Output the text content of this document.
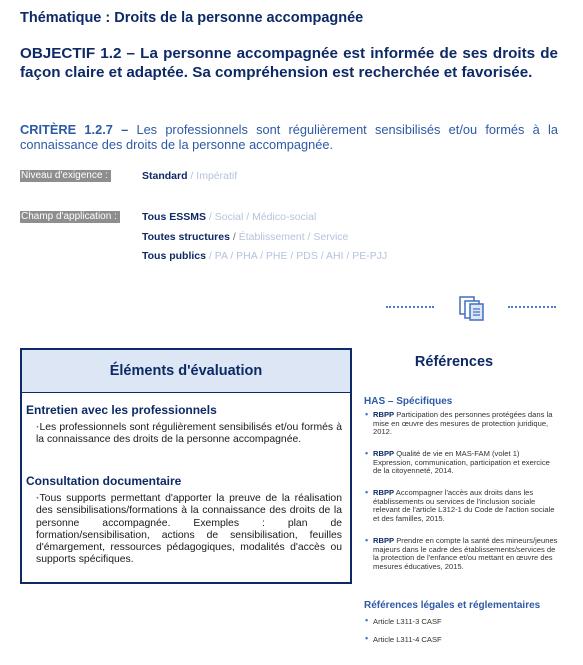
Thématique : Droits de la personne accompagnée
OBJECTIF 1.2 – La personne accompagnée est informée de ses droits de façon claire et adaptée. Sa compréhension est recherchée et favorisée.
CRITÈRE 1.2.7 – Les professionnels sont régulièrement sensibilisés et/ou formés à la connaissance des droits de la personne accompagnée.
Niveau d'exigence :	Standard / Impératif
Champ d'application : Tous ESSMS / Social / Médico-social
Toutes structures / Établissement / Service
Tous publics / PA / PHA / PHE / PDS / AHI / PE-PJJ
Éléments d'évaluation
Entretien avec les professionnels
· Les professionnels sont régulièrement sensibilisés et/ou formés à la connaissance des droits de la personne accompagnée.
Consultation documentaire
· Tous supports permettant d'apporter la preuve de la réalisation des sensibilisations/formations à la connaissance des droits de la personne accompagnée. Exemples : plan de formation/sensibilisation, actions de sensibilisation, feuilles d'émargement, ressources pédagogiques, modalités d'accès ou supports spécifiques.
Références
HAS – Spécifiques
• RBPP Participation des personnes protégées dans la mise en œuvre des mesures de protection juridique, 2012.
• RBPP Qualité de vie en MAS-FAM (volet 1) Expression, communication, participation et exercice de la citoyenneté, 2014.
• RBPP Accompagner l'accès aux droits dans les établissements ou services de l'inclusion sociale relevant de l'article L312-1 du Code de l'action sociale et des familles, 2015.
• RBPP Prendre en compte la santé des mineurs/jeunes majeurs dans le cadre des établissements/services de la protection de l'enfance et/ou mettant en œuvre des mesures éducatives, 2015.
Références légales et réglementaires
• Article L311-3 CASF
• Article L311-4 CASF
